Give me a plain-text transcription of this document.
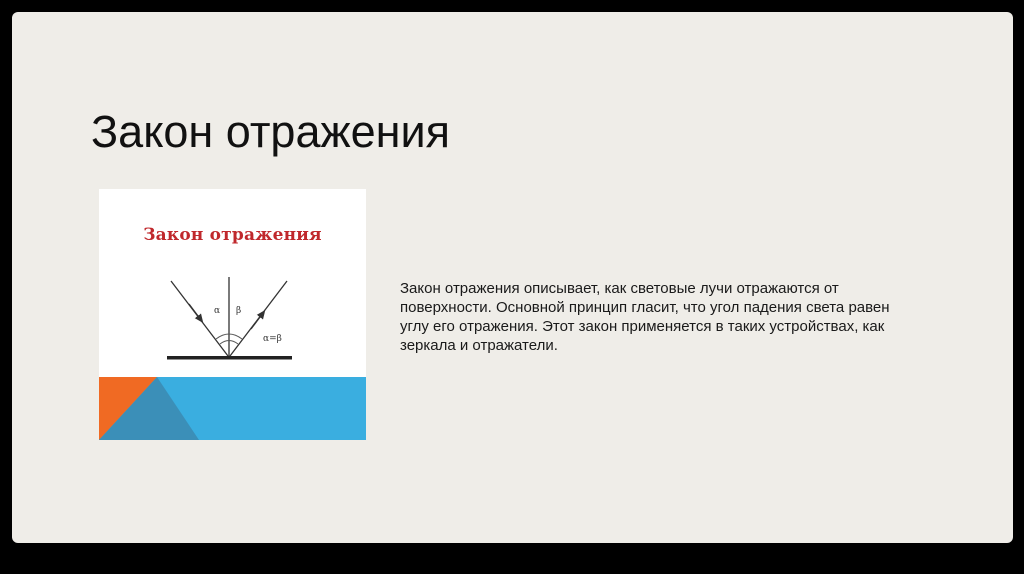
Закон отражения
Закон отражения
α β
α=β

Закон отражения описывает, как световые лучи отражаются от поверхности. Основной принцип гласит, что угол падения света равен углу его отражения. Этот закон применяется в таких устройствах, как зеркала и отражатели.
